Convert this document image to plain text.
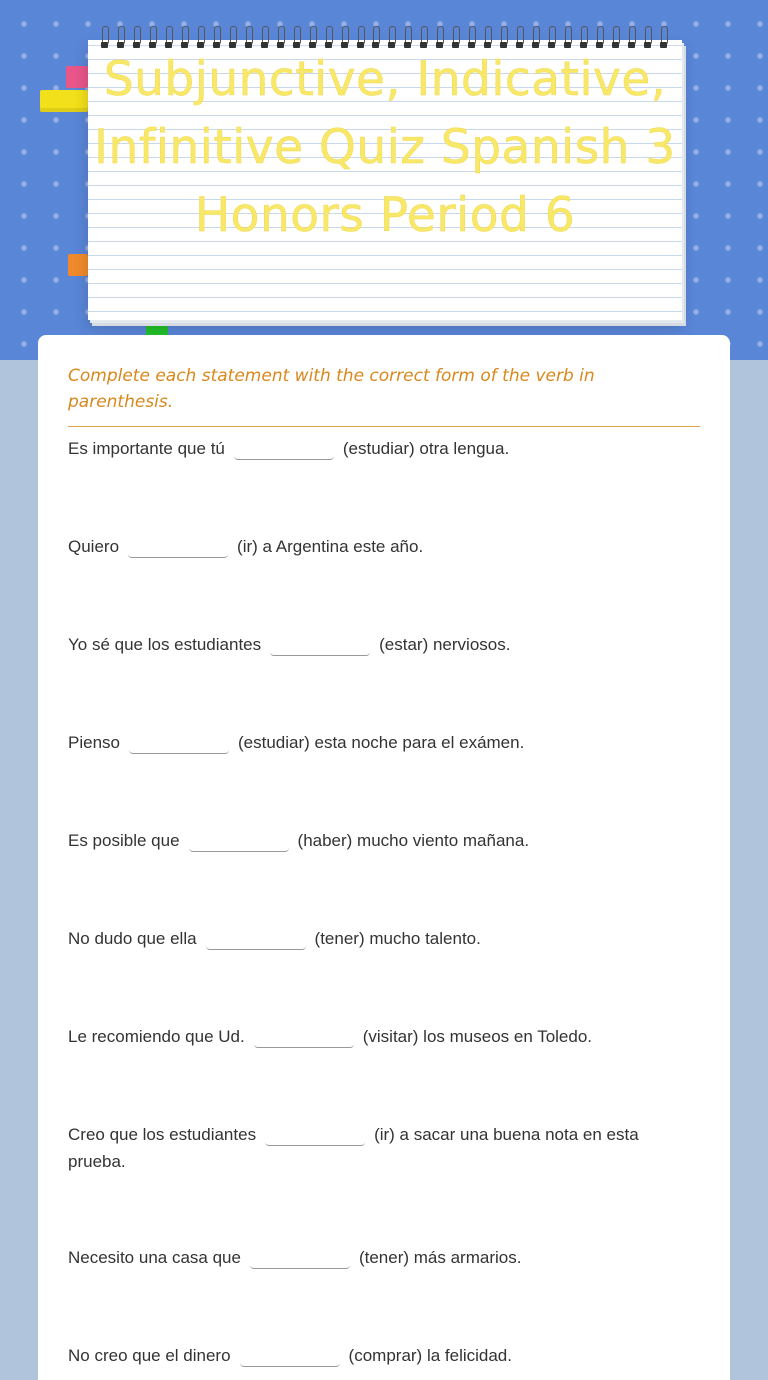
Subjunctive, Indicative, Infinitive Quiz Spanish 3 Honors Period 6
Complete each statement with the correct form of the verb in parenthesis.
Es importante que tú	(estudiar) otra lengua.
Quiero	(ir) a Argentina este año.
Yo sé que los estudiantes	(estar) nerviosos.
Pienso	(estudiar) esta noche para el exámen.
Es posible que	(haber) mucho viento mañana.
No dudo que ella	(tener) mucho talento.
Le recomiendo que Ud.	(visitar) los museos en Toledo.
Creo que los estudiantes	(ir) a sacar una buena nota en esta prueba.
Necesito una casa que	(tener) más armarios.
No creo que el dinero	(comprar) la felicidad.
